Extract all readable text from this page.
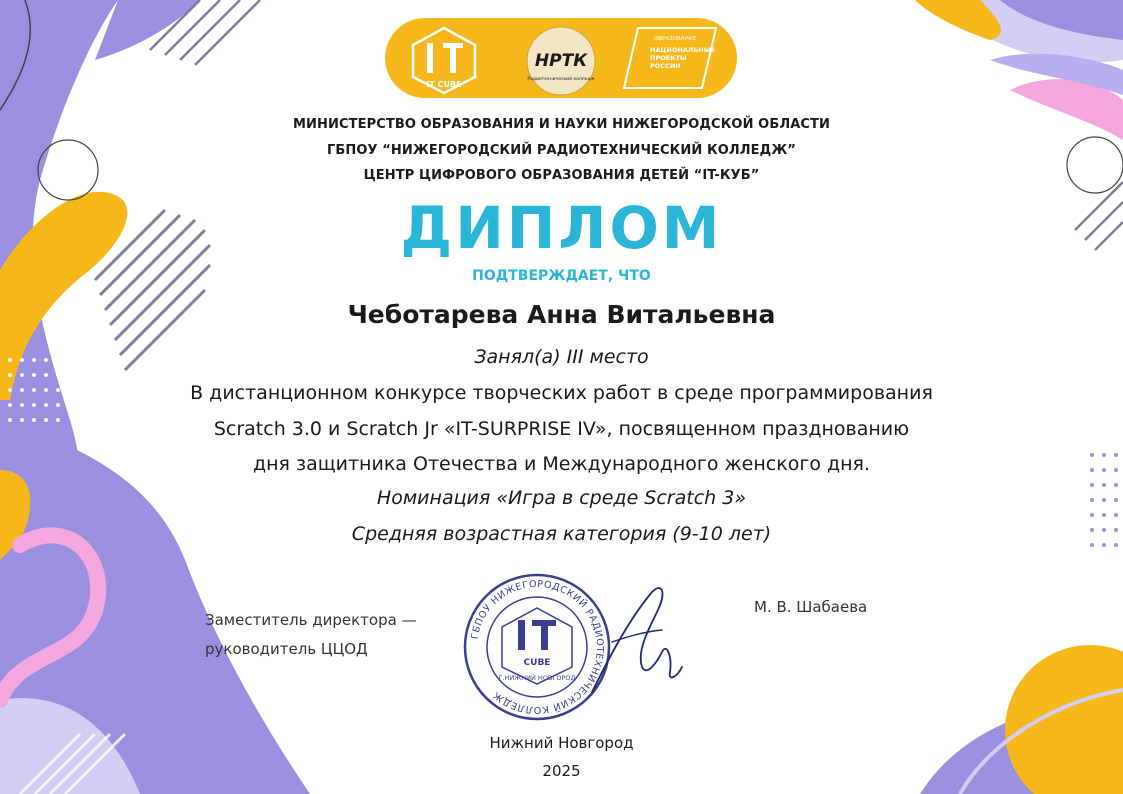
IT CUBE
НРТК
Радиотехнический колледж
ОБРАЗОВАНИЕ
НАЦИОНАЛЬНЫЕ ПРОЕКТЫ РОССИИ
МИНИСТЕРСТВО ОБРАЗОВАНИЯ И НАУКИ НИЖЕГОРОДСКОЙ ОБЛАСТИ
ГБПОУ “НИЖЕГОРОДСКИЙ РАДИОТЕХНИЧЕСКИЙ КОЛЛЕДЖ”
ЦЕНТР ЦИФРОВОГО ОБРАЗОВАНИЯ ДЕТЕЙ “IT-КУБ”
ДИПЛОМ
ПОДТВЕРЖДАЕТ, ЧТО
Чеботарева Анна Витальевна
Занял(а) III место
В дистанционном конкурсе творческих работ в среде программирования
Scratch 3.0 и Scratch Jr «IT-SURPRISE IV», посвященном празднованию
дня защитника Отечества и Международного женского дня.
Номинация «Игра в среде Scratch 3»
Средняя возрастная категория (9-10 лет)
Заместитель директора —
руководитель ЦЦОД
М. В. Шабаева
ГБПОУ НИЖЕГОРОДСКИЙ РАДИОТЕХНИЧЕСКИЙ КОЛЛЕДЖ
CUBE
Г.НИЖНИЙ НОВГОРОД
Нижний Новгород
2025
